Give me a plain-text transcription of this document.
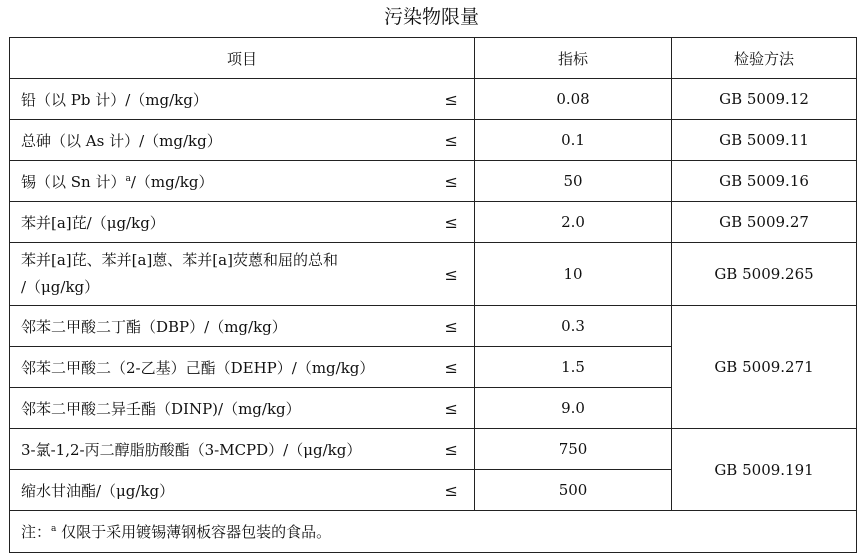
污染物限量
项目		指标	检验方法
铅（以 Pb 计）/（mg/kg）	≤	0.08	GB 5009.12
总砷（以 As 计）/（mg/kg）	≤	0.1	GB 5009.11
锡（以 Sn 计）$^a$/（mg/kg）	≤	50	GB 5009.16
苯并[a]芘/（μg/kg）	≤	2.0	GB 5009.27
苯并[a]芘、苯并[a]蒽、苯并[a]荧蒽和屈的总和
/（μg/kg）	≤	10	GB 5009.265
邻苯二甲酸二丁酯（DBP）/（mg/kg）	≤	0.3	GB 5009.271
邻苯二甲酸二（2-乙基）己酯（DEHP）/（mg/kg）	≤	1.5	
邻苯二甲酸二异壬酯（DINP)/（mg/kg）	≤	9.0	
3-氯-1,2-丙二醇脂肪酸酯（3-MCPD）/（μg/kg）	≤	750	GB 5009.191
缩水甘油酯/（μg/kg）	≤	500	
注：$^a$ 仅限于采用镀锡薄钢板容器包装的食品。			
